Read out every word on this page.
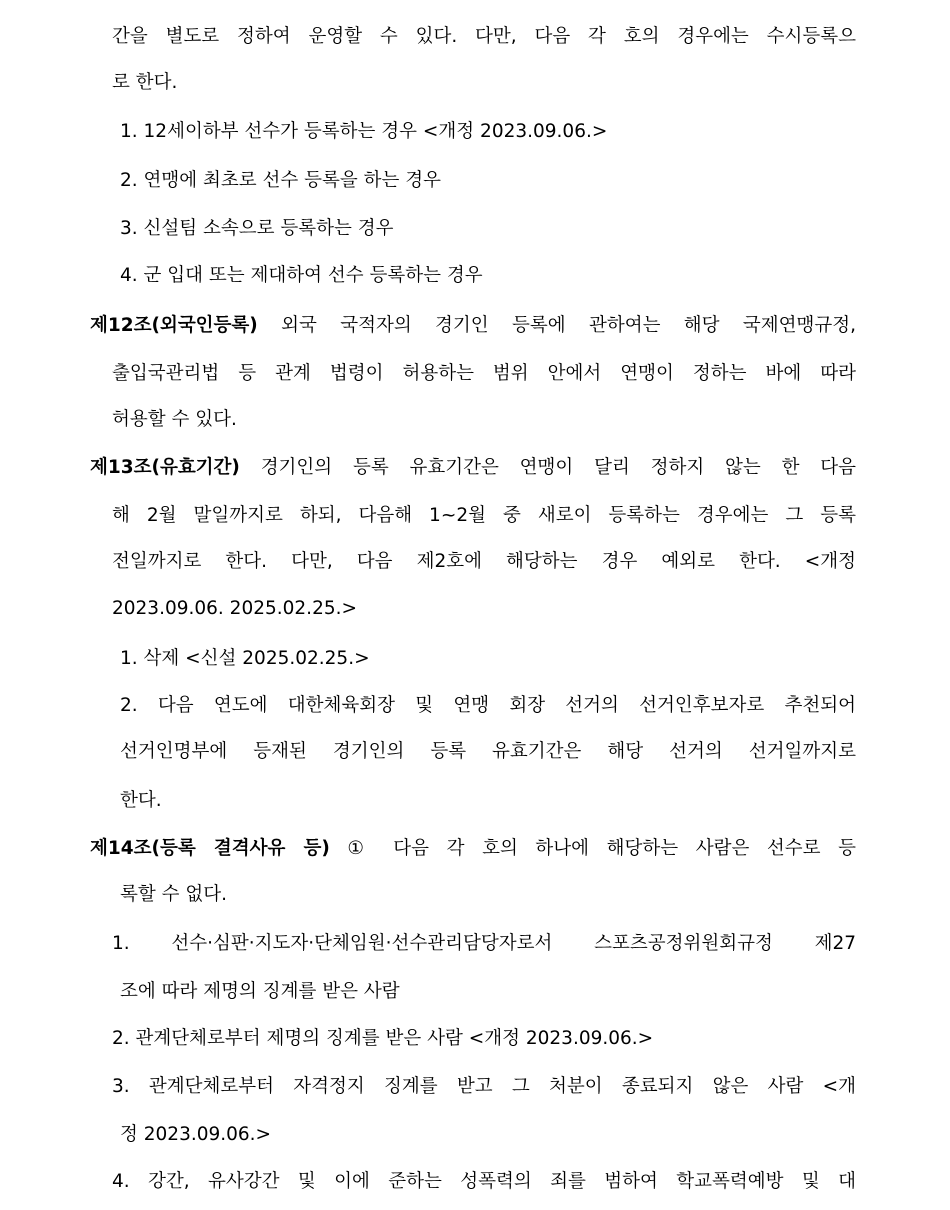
간을 별도로 정하여 운영할 수 있다. 다만, 다음 각 호의 경우에는 수시등록으
로 한다.
1. 12세이하부 선수가 등록하는 경우 <개정 2023.09.06.>
2. 연맹에 최초로 선수 등록을 하는 경우
3. 신설팀 소속으로 등록하는 경우
4. 군 입대 또는 제대하여 선수 등록하는 경우
제12조(외국인등록) 외국 국적자의 경기인 등록에 관하여는 해당 국제연맹규정,
출입국관리법 등 관계 법령이 허용하는 범위 안에서 연맹이 정하는 바에 따라
허용할 수 있다.
제13조(유효기간) 경기인의 등록 유효기간은 연맹이 달리 정하지 않는 한 다음
해 2월 말일까지로 하되, 다음해 1~2월 중 새로이 등록하는 경우에는 그 등록
전일까지로 한다. 다만, 다음 제2호에 해당하는 경우 예외로 한다. <개정
2023.09.06. 2025.02.25.>
1. 삭제 <신설 2025.02.25.>
2. 다음 연도에 대한체육회장 및 연맹 회장 선거의 선거인후보자로 추천되어
선거인명부에 등재된 경기인의 등록 유효기간은 해당 선거의 선거일까지로
한다.
제14조(등록 결격사유 등) ① 다음 각 호의 하나에 해당하는 사람은 선수로 등
록할 수 없다.
1. 선수·심판·지도자·단체임원·선수관리담당자로서 스포츠공정위원회규정 제27
조에 따라 제명의 징계를 받은 사람
2. 관계단체로부터 제명의 징계를 받은 사람 <개정 2023.09.06.>
3. 관계단체로부터 자격정지 징계를 받고 그 처분이 종료되지 않은 사람 <개
정 2023.09.06.>
4. 강간, 유사강간 및 이에 준하는 성폭력의 죄를 범하여 학교폭력예방 및 대
